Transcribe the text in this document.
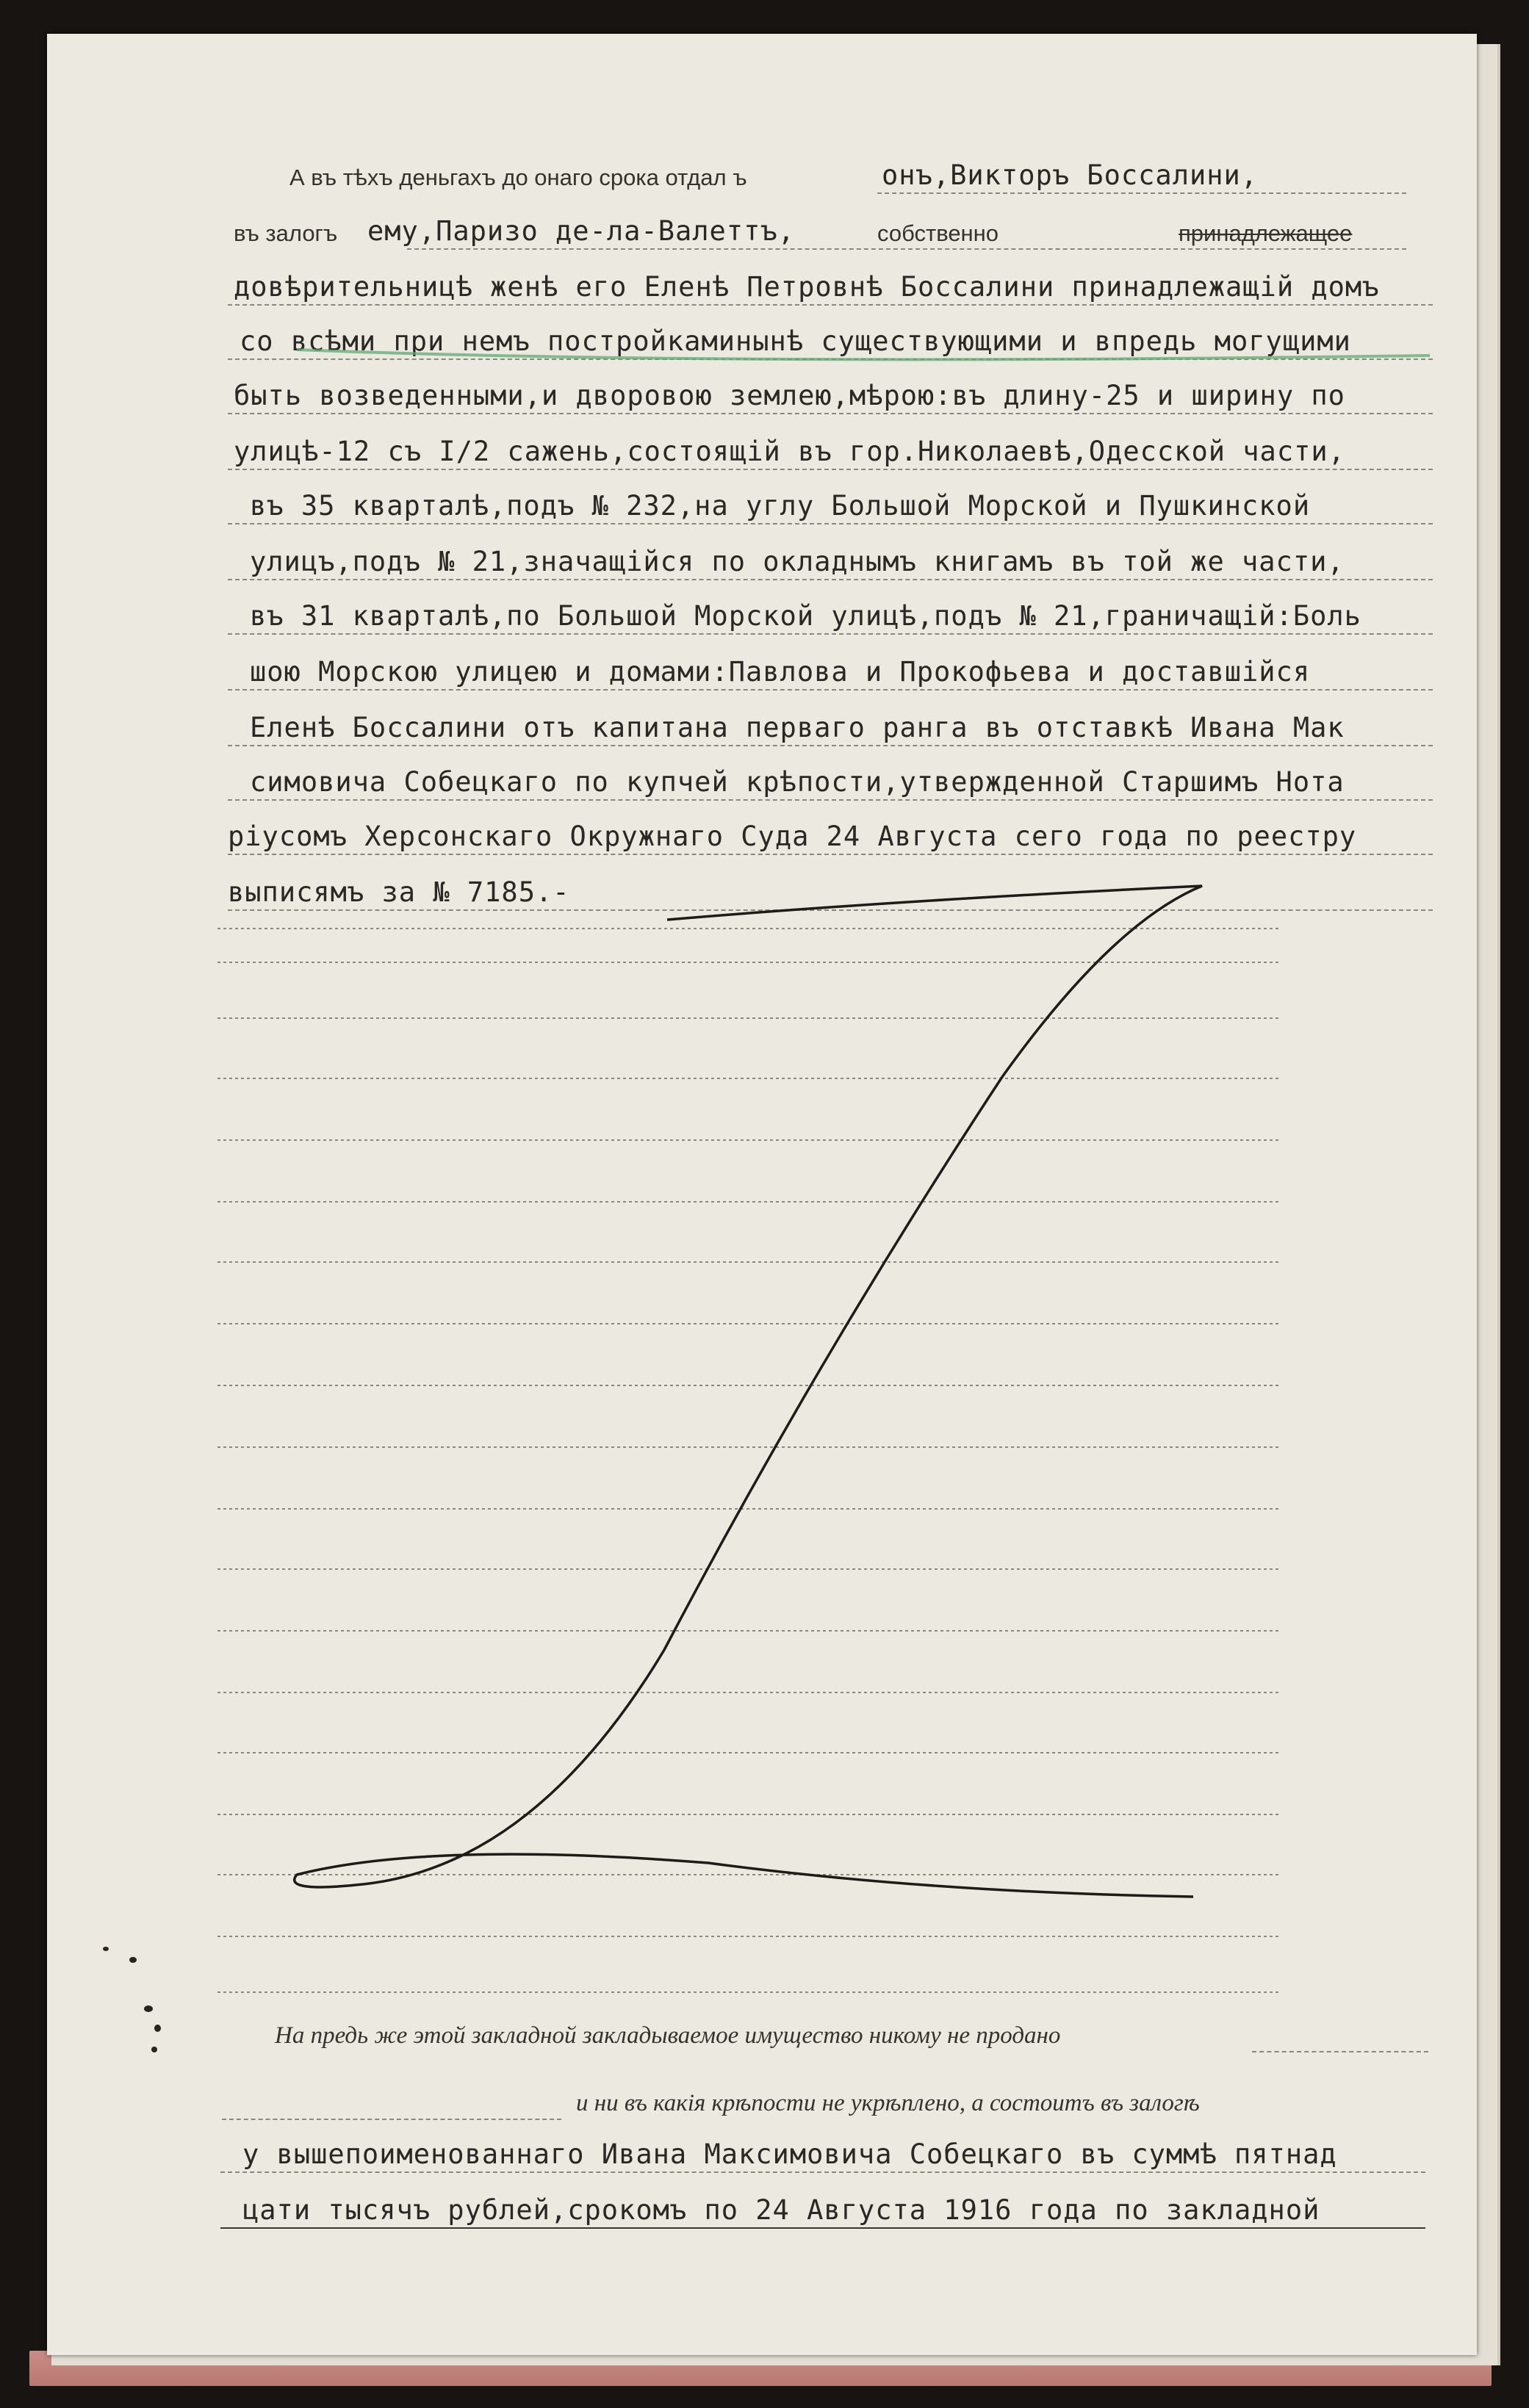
А въ тѣхъ деньгахъ до онаго срока отдал ъ	онъ,Викторъ Боссалини,
въ залогъ ему,Паризо де-ла-Валеттъ,	собственно	принадлежащее
довѣрительницѣ женѣ его Еленѣ Петровнѣ Боссалини принадлежащій домъ
со всѣми при немъ постройкаминынѣ существующими и впредь могущими
быть возведенными,и дворовою землею,мѣрою:въ длину-25 и ширину по
улицѣ-12 съ I/2 сажень,состоящій въ гор.Николаевѣ,Одесской части,
въ 35 кварталѣ,подъ № 232,на углу Большой Морской и Пушкинской
улицъ,подъ № 21,значащійся по окладнымъ книгамъ въ той же части,
въ 31 кварталѣ,по Большой Морской улицѣ,подъ № 21,граничащій:Боль
шою Морскою улицею и домами:Павлова и Прокофьева и доставшійся
Еленѣ Боссалини отъ капитана перваго ранга въ отставкѣ Ивана Мак
симовича Собецкаго по купчей крѣпости,утвержденной Старшимъ Нота
ріусомъ Херсонскаго Окружнаго Суда 24 Августа сего года по реестру
выписямъ за № 7185.-
На предь же этой закладной закладываемое имущество никому не продано
и ни въ какія крѣпости не укрѣплено, а состоитъ въ залогѣ
у вышепоименованнаго Ивана Максимовича Собецкаго въ суммѣ пятнад
цати тысячъ рублей,срокомъ по 24 Августа 1916 года по закладной
